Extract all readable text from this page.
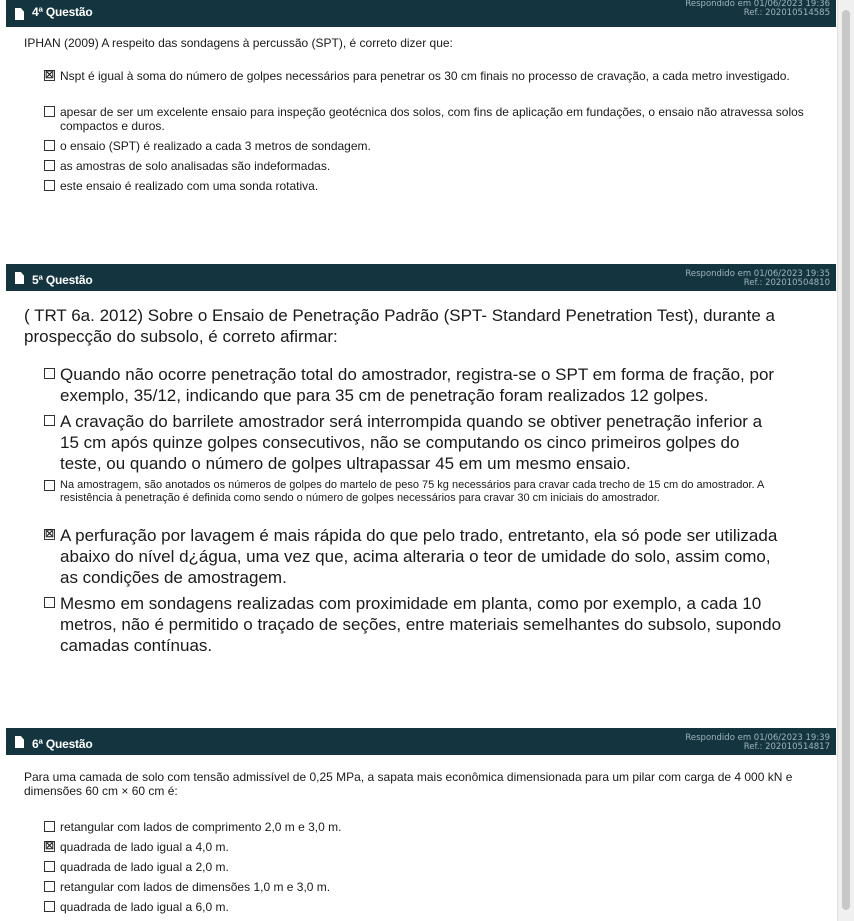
4ª Questão
Respondido em 01/06/2023 19:36
Ref.: 202010514585
IPHAN (2009) A respeito das sondagens à percussão (SPT), é correto dizer que:
☒ Nspt é igual à soma do número de golpes necessários para penetrar os 30 cm finais no processo de cravação, a cada metro investigado.
apesar de ser um excelente ensaio para inspeção geotécnica dos solos, com fins de aplicação em fundações, o ensaio não atravessa solos compactos e duros.
o ensaio (SPT) é realizado a cada 3 metros de sondagem.
as amostras de solo analisadas são indeformadas.
este ensaio é realizado com uma sonda rotativa.
5ª Questão	Respondido em 01/06/2023 19:35
Ref.: 202010504810
( TRT 6a. 2012) Sobre o Ensaio de Penetração Padrão (SPT- Standard Penetration Test), durante a prospecção do subsolo, é correto afirmar:
Quando não ocorre penetração total do amostrador, registra-se o SPT em forma de fração, por exemplo, 35/12, indicando que para 35 cm de penetração foram realizados 12 golpes.
A cravação do barrilete amostrador será interrompida quando se obtiver penetração inferior a 15 cm após quinze golpes consecutivos, não se computando os cinco primeiros golpes do teste, ou quando o número de golpes ultrapassar 45 em um mesmo ensaio.
Na amostragem, são anotados os números de golpes do martelo de peso 75 kg necessários para cravar cada trecho de 15 cm do amostrador. A resistência à penetração é definida como sendo o número de golpes necessários para cravar 30 cm iniciais do amostrador.
☒ A perfuração por lavagem é mais rápida do que pelo trado, entretanto, ela só pode ser utilizada abaixo do nível d¿água, uma vez que, acima alteraria o teor de umidade do solo, assim como, as condições de amostragem.
Mesmo em sondagens realizadas com proximidade em planta, como por exemplo, a cada 10 metros, não é permitido o traçado de seções, entre materiais semelhantes do subsolo, supondo camadas contínuas.
6ª Questão	Respondido em 01/06/2023 19:39
Ref.: 202010514817
Para uma camada de solo com tensão admissível de 0,25 MPa, a sapata mais econômica dimensionada para um pilar com carga de 4 000 kN e dimensões 60 cm × 60 cm é:
retangular com lados de comprimento 2,0 m e 3,0 m.
☒ quadrada de lado igual a 4,0 m.
quadrada de lado igual a 2,0 m.
retangular com lados de dimensões 1,0 m e 3,0 m.
quadrada de lado igual a 6,0 m.
